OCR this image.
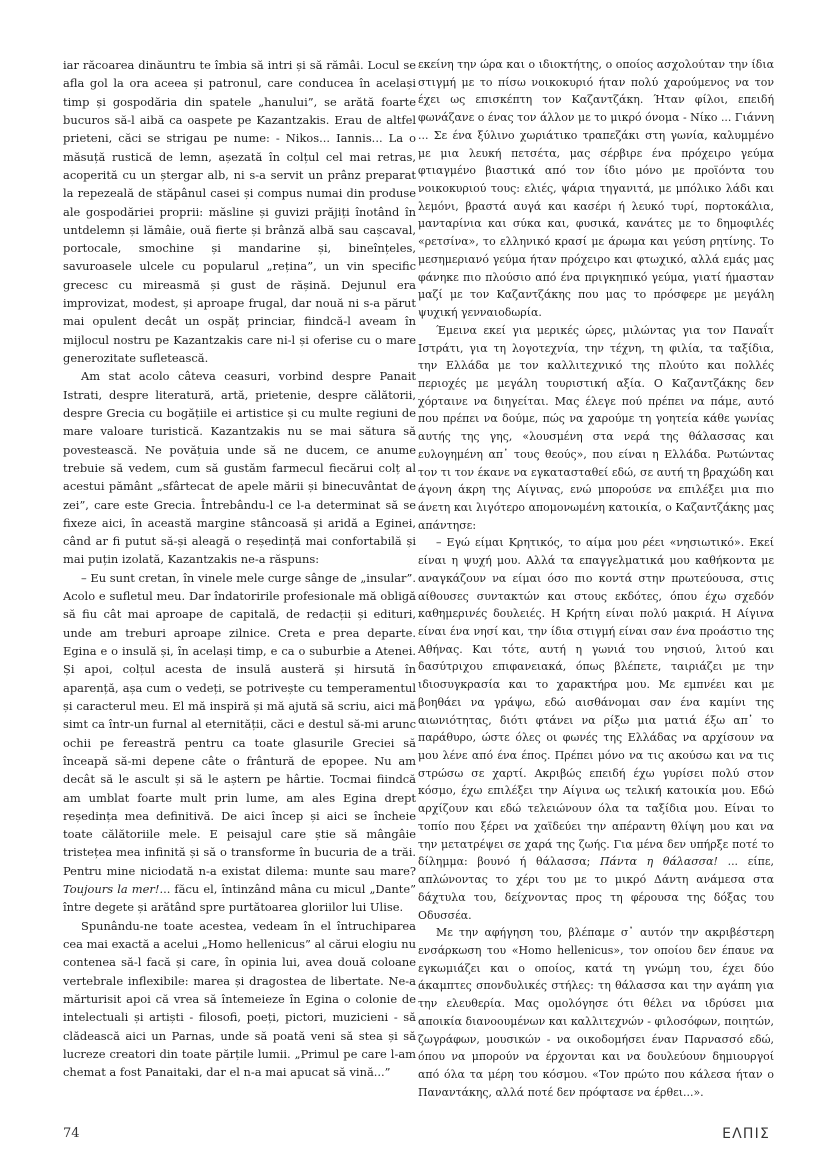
iar răcoarea dinăuntru te îmbia să intri și să rămâi. Locul se afla gol la ora aceea și patronul, care conducea în același timp și gospodăria din spatele „hanului”, se arătă foarte bucuros să-l aibă ca oaspete pe Kazantzakis. Erau de altfel prieteni, căci se strigau pe nume: - Nikos... Iannis... La o măsuță rustică de lemn, așezată în colțul cel mai retras, acoperită cu un ștergar alb, ni s-a servit un prânz preparat la repezeală de stăpânul casei și compus numai din produse ale gospodăriei proprii: măsline și guvizi prăjiți înotând în untdelemn și lămâie, ouă fierte și brânză albă sau cașcaval, portocale, smochine și mandarine și, bineînțeles, savuroasele ulcele cu popularul „rețina”, un vin specific grecesc cu mireasmă și gust de rășină. Dejunul era improvizat, modest, și aproape frugal, dar nouă ni s-a părut mai opulent decât un ospăț princiar, fiindcă-l aveam în mijlocul nostru pe Kazantzakis care ni-l și oferise cu o mare generozitate sufletească.

Am stat acolo câteva ceasuri, vorbind despre Panait Istrati, despre literatură, artă, prietenie, despre călătorii, despre Grecia cu bogățiile ei artistice și cu multe regiuni de mare valoare turistică. Kazantzakis nu se mai sătura să povestească. Ne povățuia unde să ne ducem, ce anume trebuie să vedem, cum să gustăm farmecul fiecărui colț al acestui pământ „sfârtecat de apele mării și binecuvântat de zei”, care este Grecia. Întrebându-l ce l-a determinat să se fixeze aici, în această margine stâncoasă și aridă a Eginei, când ar fi putut să-și aleagă o reședință mai confortabilă și mai puțin izolată, Kazantzakis ne-a răspuns:

– Eu sunt cretan, în vinele mele curge sânge de „insular”. Acolo e sufletul meu. Dar îndatoririle profesionale mă obligă să fiu cât mai aproape de capitală, de redacții și edituri, unde am treburi aproape zilnice. Creta e prea departe. Egina e o insulă și, în același timp, e ca o suburbie a Atenei. Și apoi, colțul acesta de insulă austeră și hirsută în aparență, așa cum o vedeți, se potrivește cu temperamentul și caracterul meu. El mă inspiră și mă ajută să scriu, aici mă simt ca într-un furnal al eternității, căci e destul să-mi arunc ochii pe fereastră pentru ca toate glasurile Greciei să înceapă să-mi depene câte o frântură de epopee. Nu am decât să le ascult și să le aștern pe hârtie. Tocmai fiindcă am umblat foarte mult prin lume, am ales Egina drept reședința mea definitivă. De aici încep și aici se încheie toate călătoriile mele. E peisajul care știe să mângâie tristețea mea infinită și să o transforme în bucuria de a trăi. Pentru mine niciodată n-a existat dilema: munte sau mare? Toujours la mer!... făcu el, întinzând mâna cu micul „Dante” între degete și arătând spre purtătoarea gloriilor lui Ulise.

Spunându-ne toate acestea, vedeam în el întruchiparea cea mai exactă a acelui „Homo hellenicus” al cărui elogiu nu contenea să-l facă și care, în opinia lui, avea două coloane vertebrale inflexibile: marea și dragostea de libertate. Ne-a mărturisit apoi că vrea să întemeieze în Egina o colonie de intelectuali și artiști - filosofi, poeți, pictori, muzicieni - să clădească aici un Parnas, unde să poată veni să stea și să lucreze creatori din toate părțile lumii. „Primul pe care l-am chemat a fost Panaitaki, dar el n-a mai apucat să vină...”

εκείνη την ώρα και ο ιδιοκτήτης, ο οποίος ασχολούταν την ίδια στιγμή με το πίσω νοικοκυριό ήταν πολύ χαρούμενος να τον έχει ως επισκέπτη τον Καζαντζάκη. Ήταν φίλοι, επειδή φωνάζανε ο ένας τον άλλον με το μικρό όνομα - Νίκο ... Γιάννη ... Σε ένα ξύλινο χωριάτικο τραπεζάκι στη γωνία, καλυμμένο με μια λευκή πετσέτα, μας σέρβιρε ένα πρόχειρο γεύμα φτιαγμένο βιαστικά από τον ίδιο μόνο με προϊόντα του νοικοκυριού τους: ελιές, ψάρια τηγανιτά, με μπόλικο λάδι και λεμόνι, βραστά αυγά και κασέρι ή λευκό τυρί, πορτοκάλια, μανταρίνια και σύκα και, φυσικά, κανάτες με το δημοφιλές «ρετσίνα», το ελληνικό κρασί με άρωμα και γεύση ρητίνης. Το μεσημεριανό γεύμα ήταν πρόχειρο και φτωχικό, αλλά εμάς μας φάνηκε πιο πλούσιο από ένα πριγκηπικό γεύμα, γιατί ήμασταν μαζί με τον Καζαντζάκης που μας το πρόσφερε με μεγάλη ψυχική γενναιοδωρία.

Έμεινα εκεί για μερικές ώρες, μιλώντας για τον Παναΐτ Ιστράτι, για τη λογοτεχνία, την τέχνη, τη φιλία, τα ταξίδια, την Ελλάδα με τον καλλιτεχνικό της πλούτο και πολλές περιοχές με μεγάλη τουριστική αξία. Ο Καζαντζάκης δεν χόρταινε να διηγείται. Μας έλεγε πού πρέπει να πάμε, αυτό που πρέπει να δούμε, πώς να χαρούμε τη γοητεία κάθε γωνίας αυτής της γης, «λουσμένη στα νερά της θάλασσας και ευλογημένη απ᾽ τους θεούς», που είναι η Ελλάδα. Ρωτώντας τον τι τον έκανε να εγκατασταθεί εδώ, σε αυτή τη βραχώδη και άγονη άκρη της Αίγινας, ενώ μπορούσε να επιλέξει μια πιο άνετη και λιγότερο απομονωμένη κατοικία, ο Καζαντζάκης μας απάντησε:

– Εγώ είμαι Κρητικός, το αίμα μου ρέει «νησιωτικό». Εκεί είναι η ψυχή μου. Αλλά τα επαγγελματικά μου καθήκοντα με αναγκάζουν να είμαι όσο πιο κοντά στην πρωτεύουσα, στις αίθουσες συντακτών και στους εκδότες, όπου έχω σχεδόν καθημερινές δουλειές. Η Κρήτη είναι πολύ μακριά. Η Αίγινα είναι ένα νησί και, την ίδια στιγμή είναι σαν ένα προάστιο της Αθήνας. Και τότε, αυτή η γωνιά του νησιού, λιτού και δασύτριχου επιφανειακά, όπως βλέπετε, ταιριάζει με την ιδιοσυγκρασία και το χαρακτήρα μου. Με εμπνέει και με βοηθάει να γράψω, εδώ αισθάνομαι σαν ένα καμίνι της αιωνιότητας, διότι φτάνει να ρίξω μια ματιά έξω απ᾽ το παράθυρο, ώστε όλες οι φωνές της Ελλάδας να αρχίσουν να μου λένε από ένα έπος. Πρέπει μόνο να τις ακούσω και να τις στρώσω σε χαρτί. Ακριβώς επειδή έχω γυρίσει πολύ στον κόσμο, έχω επιλέξει την Αίγινα ως τελική κατοικία μου. Εδώ αρχίζουν και εδώ τελειώνουν όλα τα ταξίδια μου. Είναι το τοπίο που ξέρει να χαϊδεύει την απέραντη θλίψη μου και να την μετατρέψει σε χαρά της ζωής. Για μένα δεν υπήρξε ποτέ το δίλημμα: βουνό ή θάλασσα; Πάντα η θάλασσα! ... είπε, απλώνοντας το χέρι του με το μικρό Δάντη ανάμεσα στα δάχτυλα του, δείχνοντας προς τη φέρουσα της δόξας του Οδυσσέα.

Με την αφήγηση του, βλέπαμε σ᾽ αυτόν την ακριβέστερη ενσάρκωση του «Homo hellenicus», τον οποίου δεν έπαυε να εγκωμιάζει και ο οποίος, κατά τη γνώμη του, έχει δύο άκαμπτες σπονδυλικές στήλες: τη θάλασσα και την αγάπη για την ελευθερία. Μας ομολόγησε ότι θέλει να ιδρύσει μια αποικία διανοουμένων και καλλιτεχνών - φιλοσόφων, ποιητών, ζωγράφων, μουσικών - να οικοδομήσει έναν Παρνασσό εδώ, όπου να μπορούν να έρχονται και να δουλεύουν δημιουργοί από όλα τα μέρη του κόσμου. «Τον πρώτο που κάλεσα ήταν ο Παναντάκης, αλλά ποτέ δεν πρόφτασε να έρθει...».

74	ΕΛΠΙΣ
